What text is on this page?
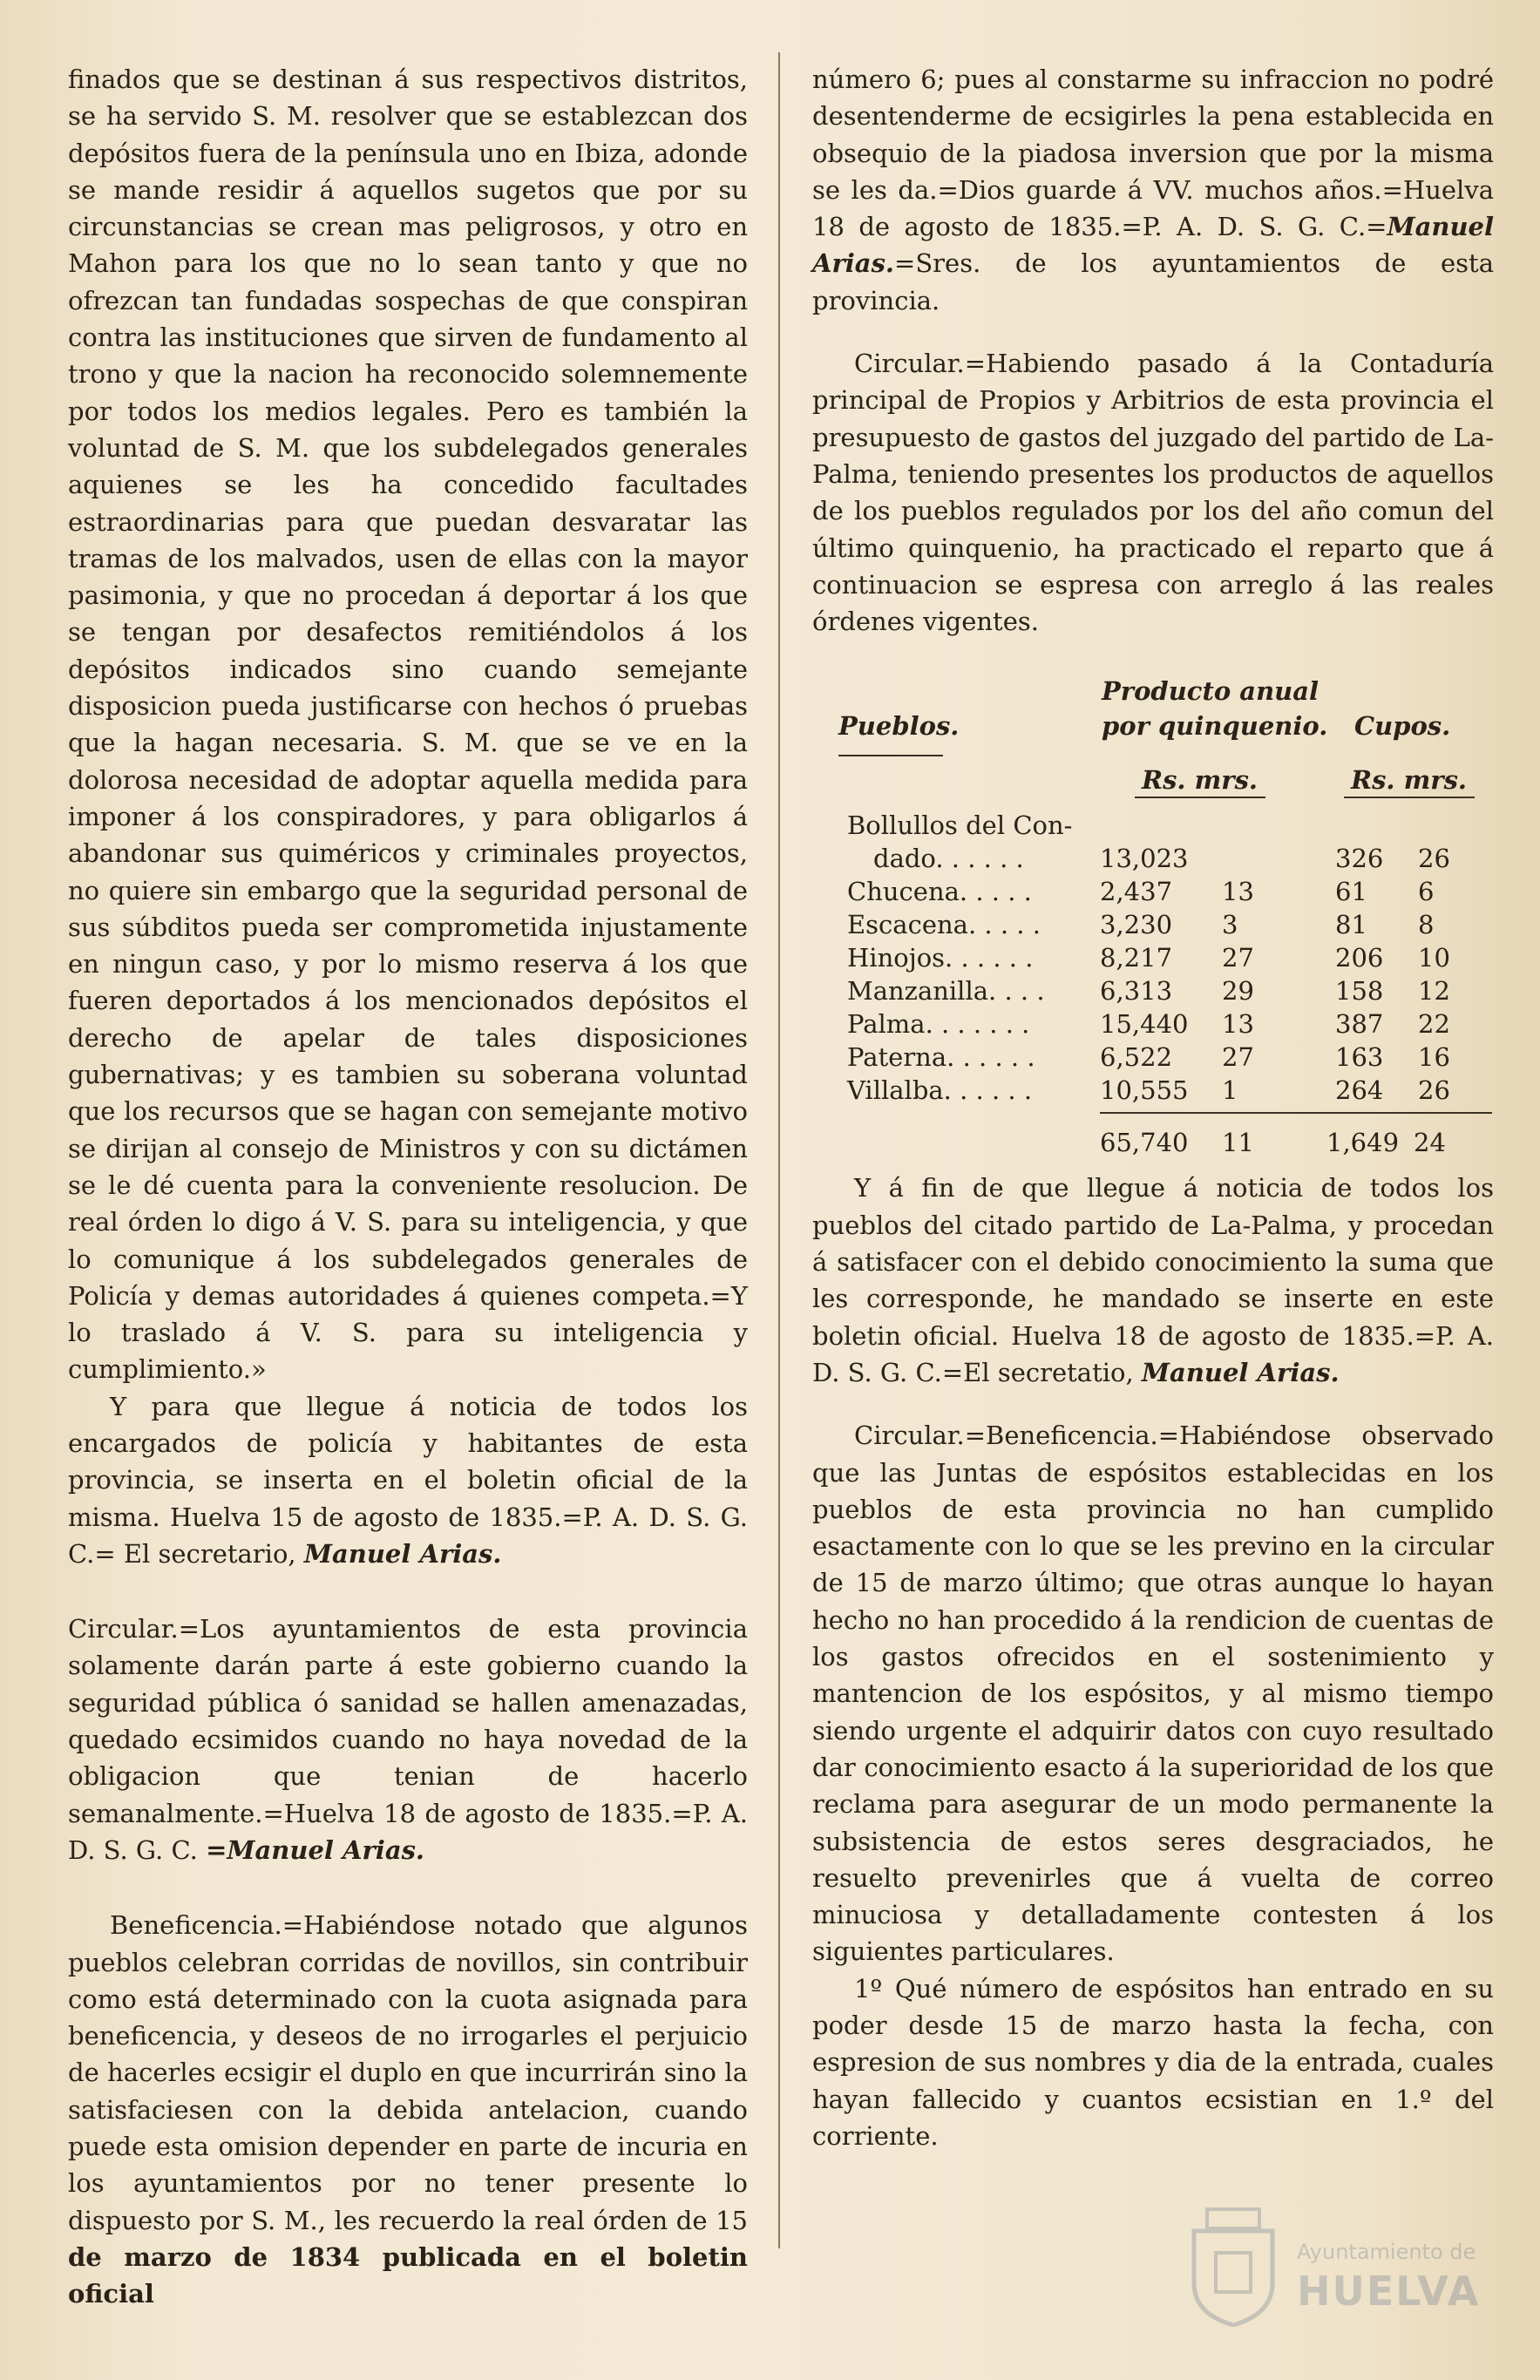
finados que se destinan á sus respectivos distritos, se ha servido S. M. resolver que se establezcan dos depósitos fuera de la península uno en Ibiza, adonde se mande residir á aquellos sugetos que por su circunstancias se crean mas peligrosos, y otro en Mahon para los que no lo sean tanto y que no ofrezcan tan fundadas sospechas de que conspiran contra las instituciones que sirven de fundamento al trono y que la nacion ha reconocido solemnemente por todos los medios legales. Pero es también la voluntad de S. M. que los subdelegados generales aquienes se les ha concedido facultades estraordinarias para que puedan desvaratar las tramas de los malvados, usen de ellas con la mayor pasimonia, y que no procedan á deportar á los que se tengan por desafectos remitiéndolos á los depósitos indicados sino cuando semejante disposicion pueda justificarse con hechos ó pruebas que la hagan necesaria. S. M. que se ve en la dolorosa necesidad de adoptar aquella medida para imponer á los conspiradores, y para obligarlos á abandonar sus quiméricos y criminales proyectos, no quiere sin embargo que la seguridad personal de sus súbditos pueda ser comprometida injustamente en ningun caso, y por lo mismo reserva á los que fueren deportados á los mencionados depósitos el derecho de apelar de tales disposiciones gubernativas; y es tambien su soberana voluntad que los recursos que se hagan con semejante motivo se dirijan al consejo de Ministros y con su dictámen se le dé cuenta para la conveniente resolucion. De real órden lo digo á V. S. para su inteligencia, y que lo comunique á los subdelegados generales de Policía y demas autoridades á quienes competa.=Y lo traslado á V. S. para su inteligencia y cumplimiento.»

Y para que llegue á noticia de todos los encargados de policía y habitantes de esta provincia, se inserta en el boletin oficial de la misma. Huelva 15 de agosto de 1835.=P. A. D. S. G. C.= El secretario, Manuel Arias.

Circular.=Los ayuntamientos de esta provincia solamente darán parte á este gobierno cuando la seguridad pública ó sanidad se hallen amenazadas, quedado ecsimidos cuando no haya novedad de la obligacion que tenian de hacerlo semanalmente.=Huelva 18 de agosto de 1835.=P. A. D. S. G. C. =Manuel Arias.

Beneficencia.=Habiéndose notado que algunos pueblos celebran corridas de novillos, sin contribuir como está determinado con la cuota asignada para beneficencia, y deseos de no irrogarles el perjuicio de hacerles ecsigir el duplo en que incurrirán sino la satisfaciesen con la debida antelacion, cuando puede esta omision depender en parte de incuria en los ayuntamientos por no tener presente lo dispuesto por S. M., les recuerdo la real órden de 15 de marzo de 1834 publicada en el boletin oficial

número 6; pues al constarme su infraccion no podré desentenderme de ecsigirles la pena establecida en obsequio de la piadosa inversion que por la misma se les da.=Dios guarde á VV. muchos años.=Huelva 18 de agosto de 1835.=P. A. D. S. G. C.=Manuel Arias.=Sres. de los ayuntamientos de esta provincia.

Circular.=Habiendo pasado á la Contaduría principal de Propios y Arbitrios de esta provincia el presupuesto de gastos del juzgado del partido de La-Palma, teniendo presentes los productos de aquellos de los pueblos regulados por los del año comun del último quinquenio, ha practicado el reparto que á continuacion se espresa con arreglo á las reales órdenes vigentes.

Pueblos.
Producto anual
por quinquenio. Cupos.
Rs. mrs.	Rs. mrs.
Bollullos del Con-
dado. . . . . .	13,023	326 26
Chucena. . . . .	2,437 13	61 6
Escacena. . . . . 3,230 3	81 8
Hinojos. . . . . .	8,217 27	206 10
Manzanilla. . . . 6,313 29	158 12
Palma. . . . . . .	15,440 13	387 22
Paterna. . . . . .	6,522 27	163 16
Villalba. . . . . .	10,555 1	264 26
65,740 11	1,649 24

Y á fin de que llegue á noticia de todos los pueblos del citado partido de La-Palma, y procedan á satisfacer con el debido conocimiento la suma que les corresponde, he mandado se inserte en este boletin oficial. Huelva 18 de agosto de 1835.=P. A. D. S. G. C.=El secretatio, Manuel Arias.

Circular.=Beneficencia.=Habiéndose observado que las Juntas de espósitos establecidas en los pueblos de esta provincia no han cumplido esactamente con lo que se les previno en la circular de 15 de marzo último; que otras aunque lo hayan hecho no han procedido á la rendicion de cuentas de los gastos ofrecidos en el sostenimiento y mantencion de los espósitos, y al mismo tiempo siendo urgente el adquirir datos con cuyo resultado dar conocimiento esacto á la superioridad de los que reclama para asegurar de un modo permanente la subsistencia de estos seres desgraciados, he resuelto prevenirles que á vuelta de correo minuciosa y detalladamente contesten á los siguientes particulares.

1º Qué número de espósitos han entrado en su poder desde 15 de marzo hasta la fecha, con espresion de sus nombres y dia de la entrada, cuales hayan fallecido y cuantos ecsistian en 1.º del corriente.

Ayuntamiento de
HUELVA
